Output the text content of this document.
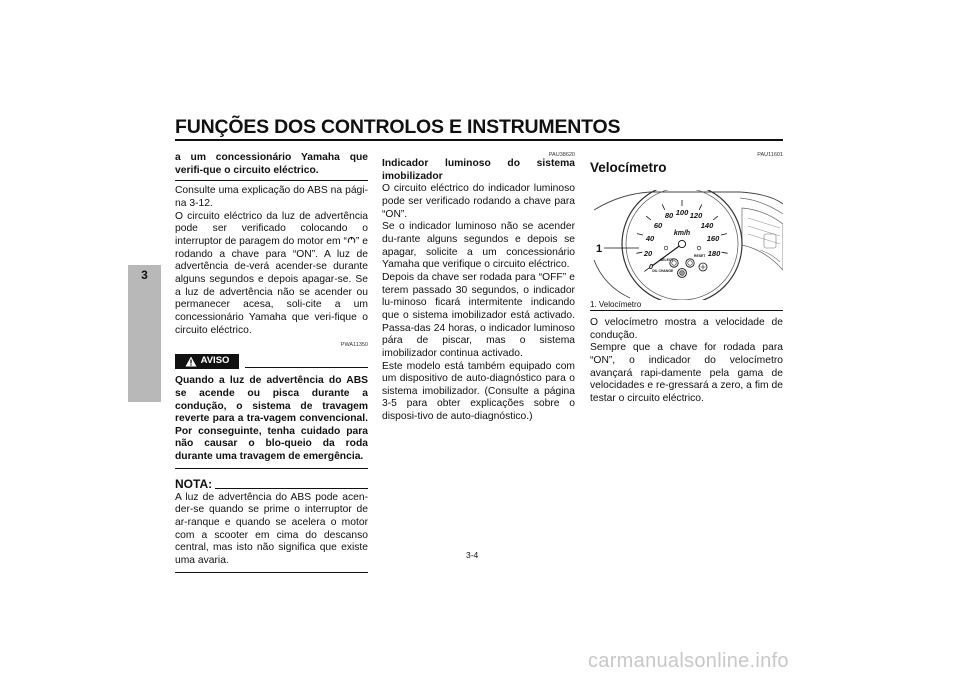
FUNÇÕES DOS CONTROLOS E INSTRUMENTOS
3

a um concessionário Yamaha que verifi-que o circuito eléctrico.

Consulte uma explicação do ABS na pági-na 3-12.

O circuito eléctrico da luz de advertência pode ser verificado colocando o interruptor de paragem do motor em “ ” e rodando a chave para “ON”. A luz de advertência de-verá acender-se durante alguns segundos e depois apagar-se. Se a luz de advertência não se acender ou permanecer acesa, soli-cite a um concessionário Yamaha que veri-fique o circuito eléctrico.

PWA11350
AVISO

Quando a luz de advertência do ABS se acende ou pisca durante a condução, o sistema de travagem reverte para a tra-vagem convencional. Por conseguinte, tenha cuidado para não causar o blo-queio da roda durante uma travagem de emergência.

NOTA:

A luz de advertência do ABS pode acen-der-se quando se prime o interruptor de ar-ranque e quando se acelera o motor com a scooter em cima do descanso central, mas isto não significa que existe uma avaria.

PAU38620

Indicador luminoso do sistema imobilizador

O circuito eléctrico do indicador luminoso pode ser verificado rodando a chave para “ON”.

Se o indicador luminoso não se acender du-rante alguns segundos e depois se apagar, solicite a um concessionário Yamaha que verifique o circuito eléctrico.

Depois da chave ser rodada para “OFF” e terem passado 30 segundos, o indicador lu-minoso ficará intermitente indicando que o sistema imobilizador está activado. Passa-das 24 horas, o indicador luminoso pára de piscar, mas o sistema imobilizador continua activado.

Este modelo está também equipado com um dispositivo de auto-diagnóstico para o sistema imobilizador. (Consulte a página 3-5 para obter explicações sobre o disposi-tivo de auto-diagnóstico.)

PAU11601
Velocímetro
0
20
40
60
80 100 120
140
160
180
km/h
SELECT
RESET
OIL CHANGE
1

1. Velocímetro

O velocímetro mostra a velocidade de condução.

Sempre que a chave for rodada para “ON”, o indicador do velocímetro avançará rapi-damente pela gama de velocidades e re-gressará a zero, a fim de testar o circuito eléctrico.

3-4
carmanualsonline.info
